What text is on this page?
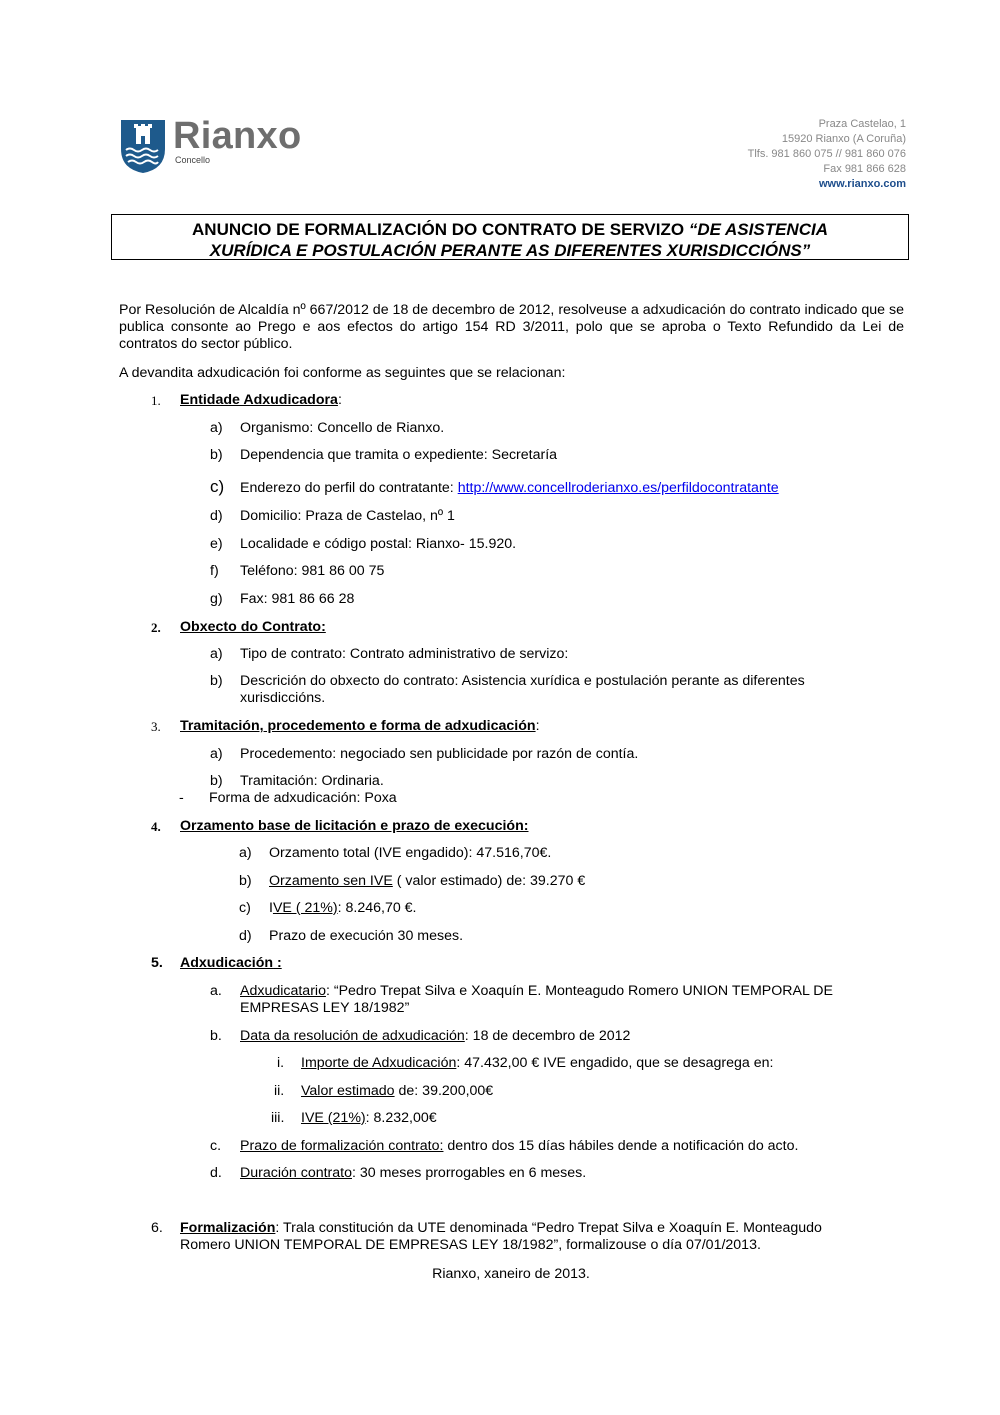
Rianxo
Concello
Praza Castelao, 1
15920 Rianxo (A Coruña)
Tlfs. 981 860 075 // 981 860 076
Fax 981 866 628
www.rianxo.com
ANUNCIO DE FORMALIZACIÓN DO CONTRATO DE SERVIZO “DE ASISTENCIA
XURÍDICA E POSTULACIÓN PERANTE AS DIFERENTES XURISDICCIÓNS”
Por Resolución de Alcaldía nº 667/2012 de 18 de decembro de 2012, resolveuse a adxudicación do contrato indicado que se publica consonte ao Prego e aos efectos do artigo 154 RD 3/2011, polo que se aproba o Texto Refundido da Lei de contratos do sector público.
A devandita adxudicación foi conforme as seguintes que se relacionan:
1. Entidade Adxudicadora:
a) Organismo: Concello de Rianxo.
b) Dependencia que tramita o expediente: Secretaría
c) Enderezo do perfil do contratante: http://www.concellroderianxo.es/perfildocontratante
d) Domicilio: Praza de Castelao, nº 1
e) Localidade e código postal: Rianxo- 15.920.
f) Teléfono: 981 86 00 75
g) Fax: 981 86 66 28
2. Obxecto do Contrato:
a) Tipo de contrato: Contrato administrativo de servizo:
b) Descrición do obxecto do contrato: Asistencia xurídica e postulación perante as diferentes
xurisdiccións.
3. Tramitación, procedemento e forma de adxudicación:
a) Procedemento: negociado sen publicidade por razón de contía.
b) Tramitación: Ordinaria.
- Forma de adxudicación: Poxa
4. Orzamento base de licitación e prazo de execución:
a) Orzamento total (IVE engadido): 47.516,70€.
b) Orzamento sen IVE ( valor estimado) de: 39.270 €
c) IVE ( 21%): 8.246,70 €.
d) Prazo de execución 30 meses.
5. Adxudicación :
a. Adxudicatario: “Pedro Trepat Silva e Xoaquín E. Monteagudo Romero UNION TEMPORAL DE
EMPRESAS LEY 18/1982”
b. Data da resolución de adxudicación: 18 de decembro de 2012
i. Importe de Adxudicación: 47.432,00 € IVE engadido, que se desagrega en:
ii. Valor estimado de: 39.200,00€
iii. IVE (21%): 8.232,00€
c. Prazo de formalización contrato: dentro dos 15 días hábiles dende a notificación do acto.
d. Duración contrato: 30 meses prorrogables en 6 meses.
6. Formalización: Trala constitución da UTE denominada “Pedro Trepat Silva e Xoaquín E. Monteagudo
Romero UNION TEMPORAL DE EMPRESAS LEY 18/1982”, formalizouse o día 07/01/2013.
Rianxo, xaneiro de 2013.
